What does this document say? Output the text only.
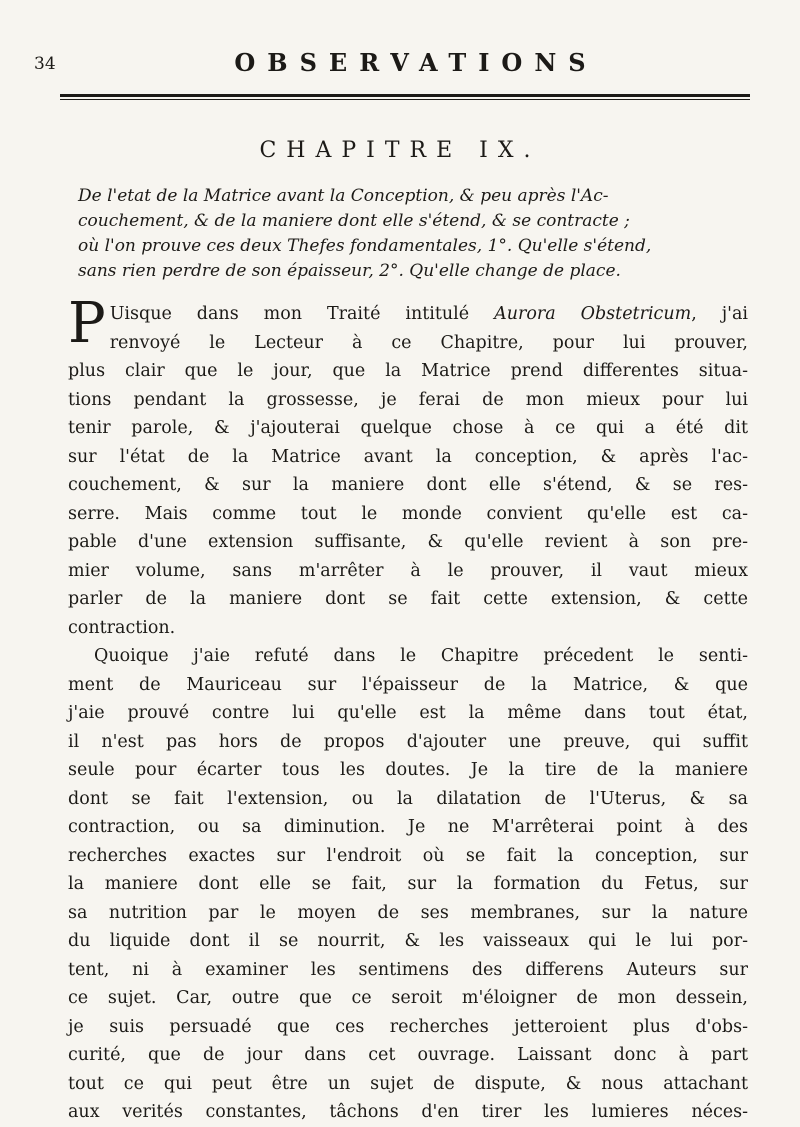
34	OBSERVATIONS
CHAPITRE IX.
De l'etat de la Matrice avant la Conception, & peu après l'Ac-
couchement, & de la maniere dont elle s'étend, & se contracte ;
où l'on prouve ces deux Thefes fondamentales, 1°. Qu'elle s'étend,
sans rien perdre de son épaisseur, 2°. Qu'elle change de place.
P Uisque dans mon Traité intitulé Aurora Obstetricum, j'ai
renvoyé le Lecteur à ce Chapitre, pour lui prouver,
plus clair que le jour, que la Matrice prend differentes situa-
tions pendant la grossesse, je ferai de mon mieux pour lui
tenir parole, & j'ajouterai quelque chose à ce qui a été dit
sur l'état de la Matrice avant la conception, & après l'ac-
couchement, & sur la maniere dont elle s'étend, & se res-
serre. Mais comme tout le monde convient qu'elle est ca-
pable d'une extension suffisante, & qu'elle revient à son pre-
mier volume, sans m'arrêter à le prouver, il vaut mieux
parler de la maniere dont se fait cette extension, & cette
contraction.
Quoique j'aie refuté dans le Chapitre précedent le senti-
ment de Mauriceau sur l'épaisseur de la Matrice, & que
j'aie prouvé contre lui qu'elle est la même dans tout état,
il n'est pas hors de propos d'ajouter une preuve, qui suffit
seule pour écarter tous les doutes. Je la tire de la maniere
dont se fait l'extension, ou la dilatation de l'Uterus, & sa
contraction, ou sa diminution. Je ne M'arrêterai point à des
recherches exactes sur l'endroit où se fait la conception, sur
la maniere dont elle se fait, sur la formation du Fetus, sur
sa nutrition par le moyen de ses membranes, sur la nature
du liquide dont il se nourrit, & les vaisseaux qui le lui por-
tent, ni à examiner les sentimens des differens Auteurs sur
ce sujet. Car, outre que ce seroit m'éloigner de mon dessein,
je suis persuadé que ces recherches jetteroient plus d'obs-
curité, que de jour dans cet ouvrage. Laissant donc à part
tout ce qui peut être un sujet de dispute, & nous attachant
aux verités constantes, tâchons d'en tirer les lumieres néces-
